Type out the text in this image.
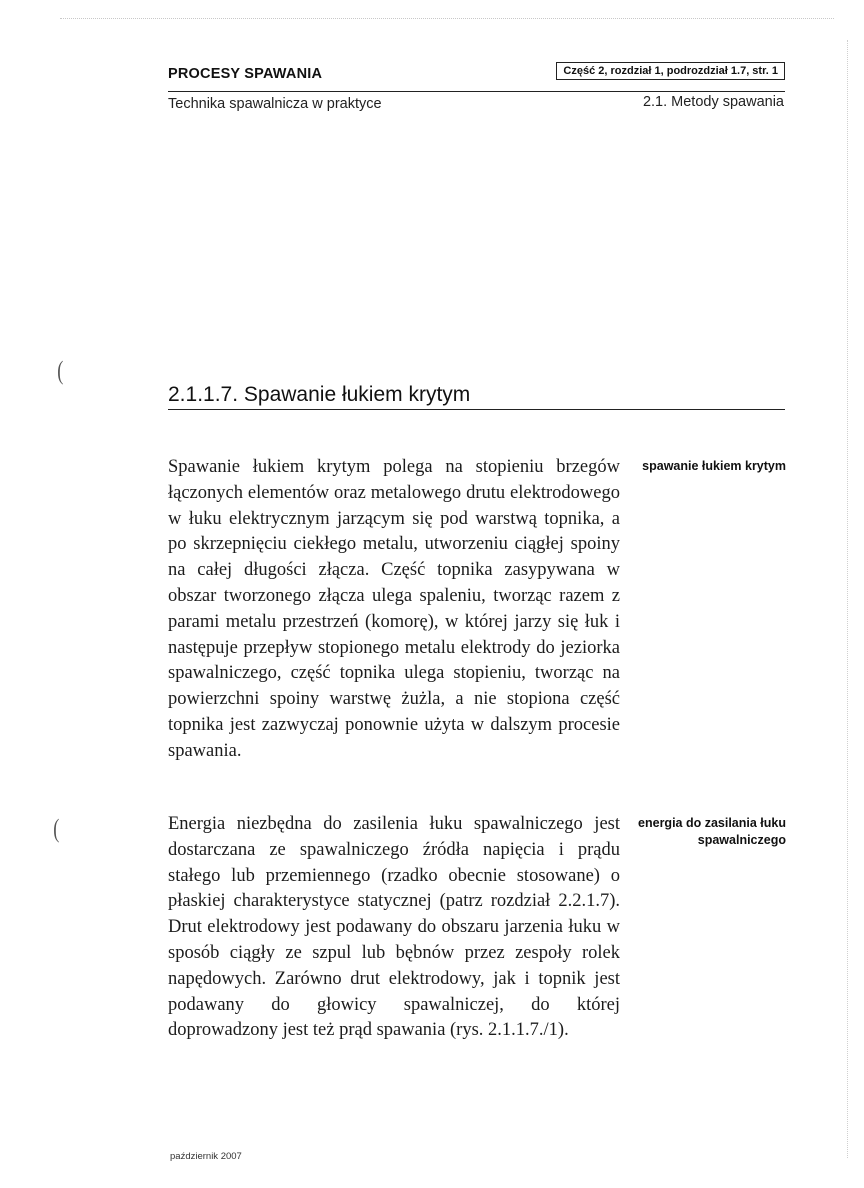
(
(
PROCESY SPAWANIA	Część 2, rozdział 1, podrozdział 1.7, str. 1
Technika spawalnicza w praktyce	2.1. Metody spawania
2.1.1.7. Spawanie łukiem krytym

Spawanie łukiem krytym polega na stopieniu brzegów łączonych elementów oraz metalowego drutu elektrodowego w łuku elektrycznym jarzącym się pod warstwą topnika, a po skrzepnięciu ciekłego metalu, utworzeniu ciągłej spoiny na całej długości złącza. Część topnika zasypywana w obszar tworzonego złącza ulega spaleniu, tworząc razem z parami metalu przestrzeń (komorę), w której jarzy się łuk i następuje przepływ stopionego metalu elektrody do jeziorka spawalniczego, część topnika ulega stopieniu, tworząc na powierzchni spoiny warstwę żużla, a nie stopiona część topnika jest zazwyczaj ponownie użyta w dalszym procesie spawania.

spawanie łukiem krytym

Energia niezbędna do zasilenia łuku spawalniczego jest dostarczana ze spawalniczego źródła napięcia i prądu stałego lub przemiennego (rzadko obecnie stosowane) o płaskiej charakterystyce statycznej (patrz rozdział 2.2.1.7). Drut elektrodowy jest podawany do obszaru jarzenia łuku w sposób ciągły ze szpul lub bębnów przez zespoły rolek napędowych. Zarówno drut elektrodowy, jak i topnik jest podawany do głowicy spawalniczej, do której doprowadzony jest też prąd spawania (rys. 2.1.1.7./1).

energia do zasilania łuku spawalniczego
październik 2007
